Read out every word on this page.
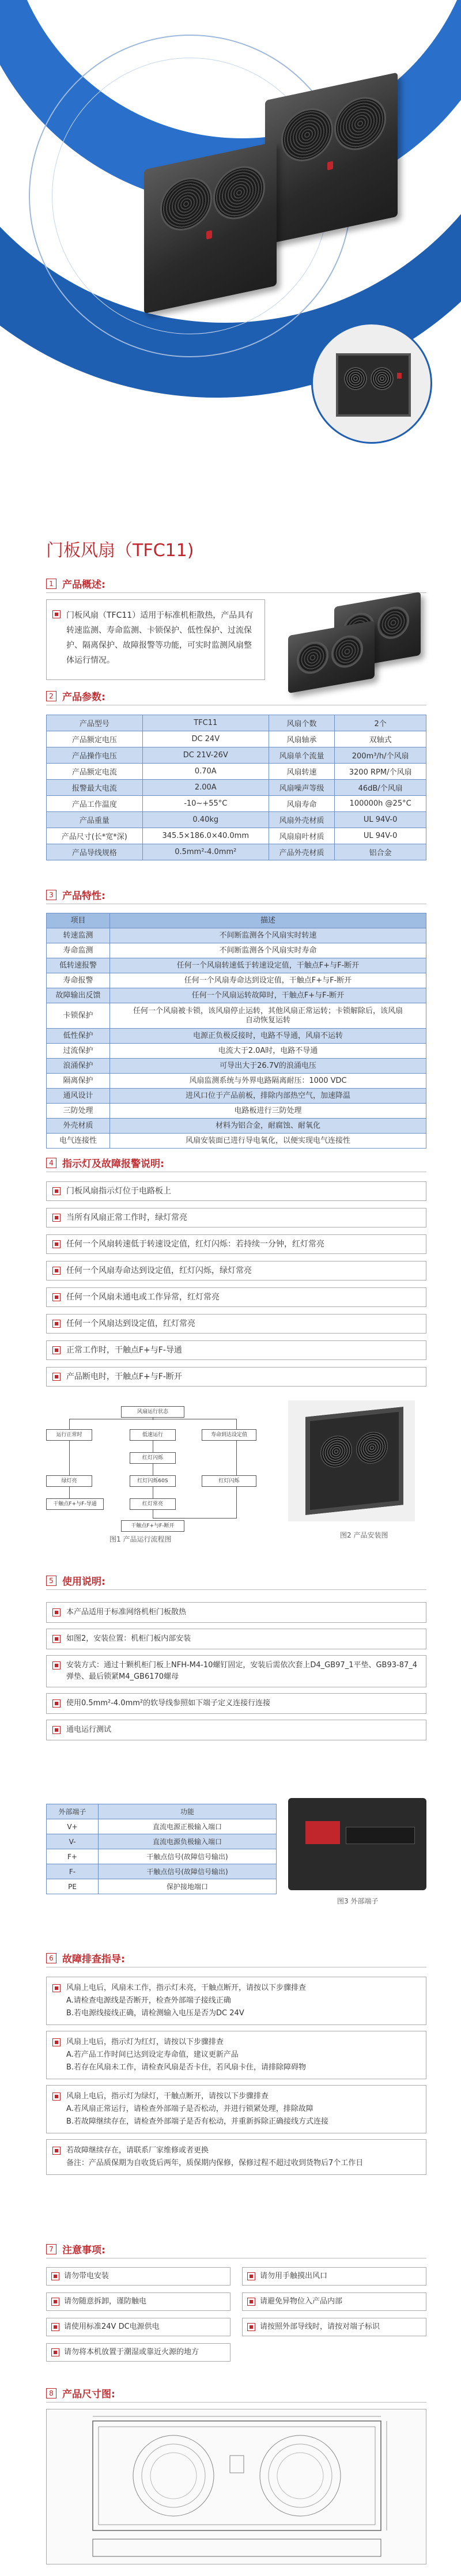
门板风扇（TFC11)
1 产品概述:
门板风扇（TFC11）适用于标准机柜散热，产品具有转速监测、寿命监测、卡锁保护、低性保护、过流保护、隔离保护、故障报警等功能，可实时监测风扇整体运行情况。
2 产品参数:
产品型号	TFC11	风扇个数	2个
产品额定电压	DC 24V	风扇轴承	双轴式
产品操作电压	DC 21V-26V	风扇单个流量	200m³/h/个风扇
产品额定电流	0.70A	风扇转速	3200 RPM/个风扇
报警最大电流	2.00A	风扇噪声等级	46dB/个风扇
产品工作温度	-10~+55°C	风扇寿命	100000h @25°C
产品重量	0.40kg	风扇外壳材质	UL 94V-0
产品尺寸(长*宽*深)	345.5×186.0×40.0mm	风扇扇叶材质	UL 94V-0
产品导线规格	0.5mm²-4.0mm²	产品外壳材质	铝合金
3 产品特性:
项目	描述
转速监测	不间断监测各个风扇实时转速
寿命监测	不间断监测各个风扇实时寿命
低转速报警	任何一个风扇转速低于转速设定值，干触点F+与F-断开
寿命报警	任何一个风扇寿命达到设定值，干触点F+与F-断开
故障输出反馈	任何一个风扇运转故障时，干触点F+与F-断开
卡锁保护	任何一个风扇被卡锁，该风扇停止运转，其他风扇正常运转；卡锁解除后，该风扇自动恢复运转
低性保护	电源正负极反接时，电路不导通，风扇不运转
过流保护	电流大于2.0A时，电路不导通
浪涌保护	可导出大于26.7V的浪涌电压
隔离保护	风扇监测系统与外界电路隔离耐压：1000 VDC
通风设计	进风口位于产品前板，排除内部热空气，加速降温
三防处理	电路板进行三防处理
外壳材质	材料为铝合金，耐腐蚀、耐氧化
电气连接性	风扇安装面已进行导电氧化，以便实现电气连接性
4 指示灯及故障报警说明:
门板风扇指示灯位于电路板上
当所有风扇正常工作时，绿灯常亮
任何一个风扇转速低于转速设定值，红灯闪烁：若持续一分钟，红灯常亮
任何一个风扇寿命达到设定值，红灯闪烁，绿灯常亮
任何一个风扇未通电或工作异常，红灯常亮
任何一个风扇达到设定值，红灯常亮
正常工作时，干触点F+与F-导通
产品断电时，干触点F+与F-断开
风扇运行状态
运行正常时	低速运行	寿命到达设定值
红灯闪烁
绿灯亮	红灯闪烁60S	红灯闪烁
红灯常亮
干触点F+与F-导通
干触点F+与F-断开
图1 产品运行流程图	图2 产品安装图
5 使用说明:
本产品适用于标准网络机柜门板散热
如图2，安装位置：机柜门板内部安装
安装方式：通过十颗机柜门板上NFH-M4-10螺钉固定，安装后需依次套上D4_GB97_1平垫、GB93-87_4弹垫、最后锁紧M4_GB6170螺母
使用0.5mm²-4.0mm²的软导线参照如下端子定义连接行连接
通电运行测试
外部端子	功能
V+	直流电源正极输入端口
V-	直流电源负极输入端口
F+	干触点信号(故障信号输出)
F-	干触点信号(故障信号输出)
PE	保护接地端口
图3 外部端子
6 故障排查指导:
风扇上电后，风扇未工作，指示灯未亮，干触点断开，请按以下步骤排查
A.请检查电源线是否断开，检查外部端子接线正确
B.若电源线接线正确，请检测输入电压是否为DC 24V
风扇上电后，指示灯为红灯，请按以下步骤排查
A.若产品工作时间已达到设定寿命值，建议更新产品
B.若存在风扇未工作，请检查风扇是否卡住，若风扇卡住，请排除障碍物
风扇上电后，指示灯为绿灯，干触点断开，请按以下步骤排查
A.若风扇正常运行，请检查外部端子是否松动，并进行锁紧处理，排除故障
B.若故障继续存在，请检查外部端子是否有松动，并重新拆除正确接线方式连接
若故障继续存在，请联系厂家维修或者更换
备注：产品质保期为自收货后两年，质保期内保修，保修过程不超过收到货物后7个工作日
7 注意事项:
请勿带电安装	请勿用手触摸出风口
请勿随意拆卸，谨防触电	请避免异物位入产品内部
请使用标准24V DC电源供电	请按照外部导线时，请按对端子标识
请勿将本机放置于潮湿或靠近火源的地方
8 产品尺寸图:
